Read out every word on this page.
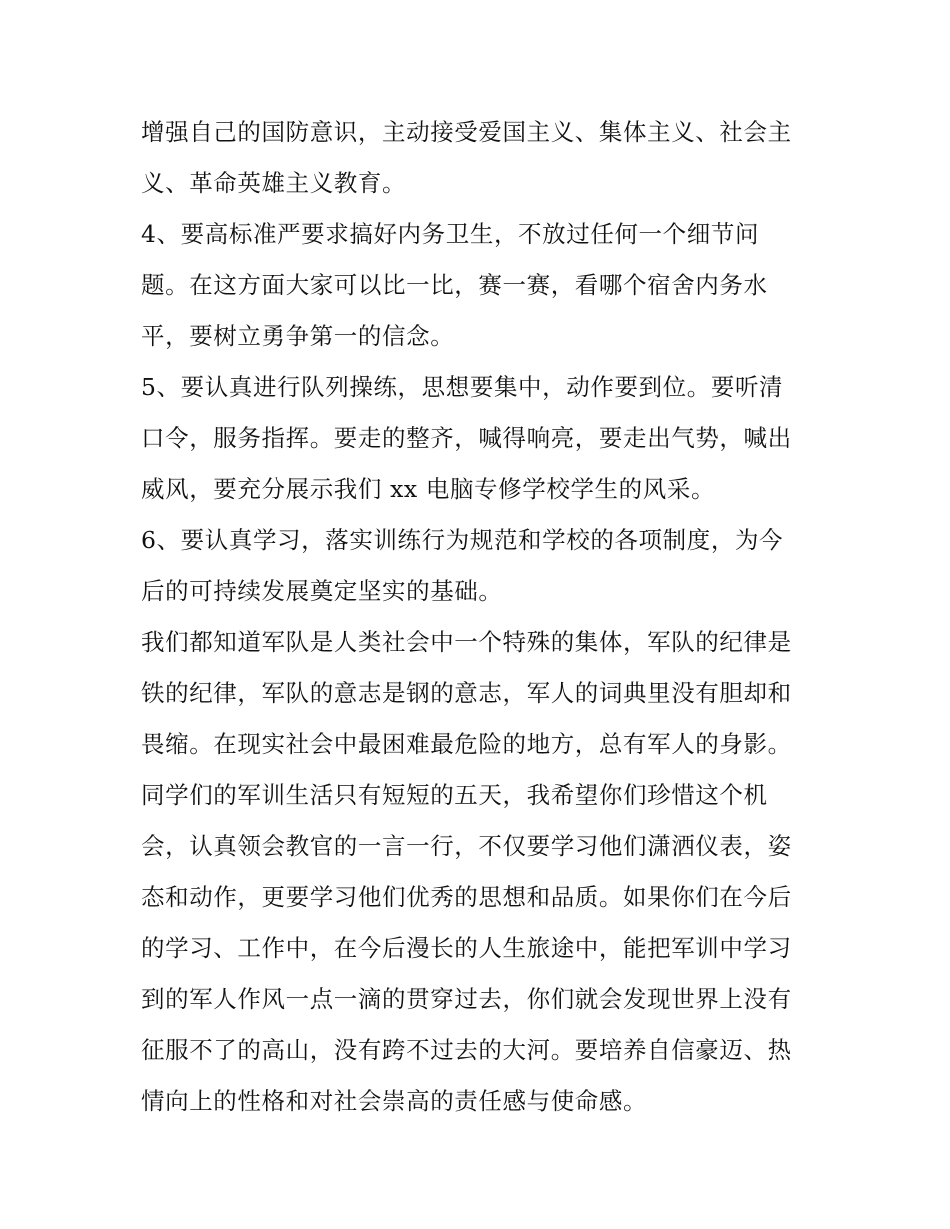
增强自己的国防意识，主动接受爱国主义、集体主义、社会主
义、革命英雄主义教育。
4、要高标准严要求搞好内务卫生，不放过任何一个细节问
题。在这方面大家可以比一比，赛一赛，看哪个宿舍内务水
平，要树立勇争第一的信念。
5、要认真进行队列操练，思想要集中，动作要到位。要听清
口令，服务指挥。要走的整齐，喊得响亮，要走出气势，喊出
威风，要充分展示我们 xx 电脑专修学校学生的风采。
6、要认真学习，落实训练行为规范和学校的各项制度，为今
后的可持续发展奠定坚实的基础。
我们都知道军队是人类社会中一个特殊的集体，军队的纪律是
铁的纪律，军队的意志是钢的意志，军人的词典里没有胆却和
畏缩。在现实社会中最困难最危险的地方，总有军人的身影。
同学们的军训生活只有短短的五天，我希望你们珍惜这个机
会，认真领会教官的一言一行，不仅要学习他们潇洒仪表，姿
态和动作，更要学习他们优秀的思想和品质。如果你们在今后
的学习、工作中，在今后漫长的人生旅途中，能把军训中学习
到的军人作风一点一滴的贯穿过去，你们就会发现世界上没有
征服不了的高山，没有跨不过去的大河。要培养自信豪迈、热
情向上的性格和对社会崇高的责任感与使命感。
